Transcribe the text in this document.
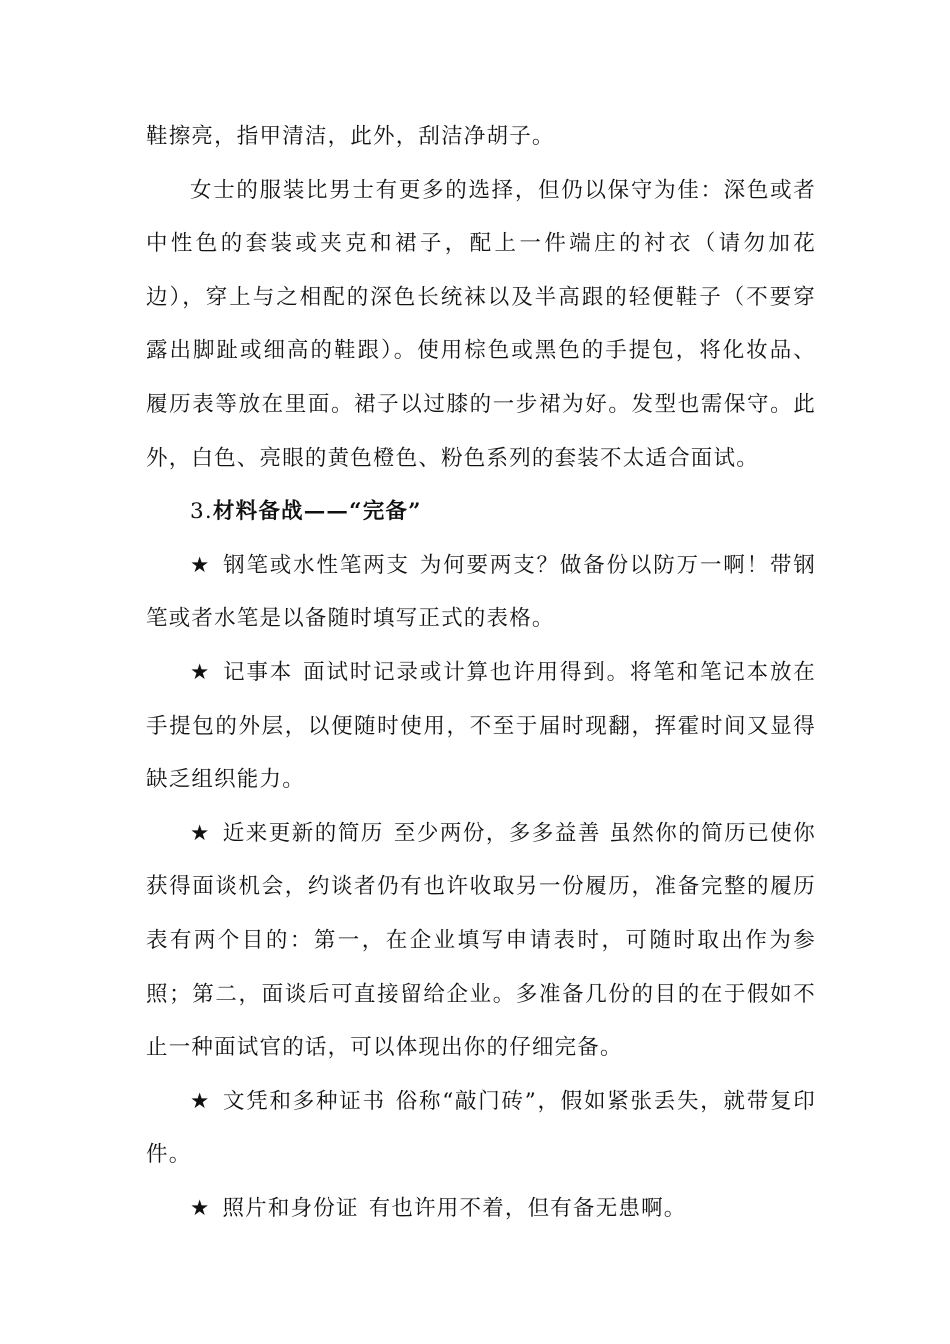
鞋擦亮，指甲清洁，此外，刮洁净胡子。

女士的服装比男士有更多的选择，但仍以保守为佳：深色或者中性色的套装或夹克和裙子，配上一件端庄的衬衣（请勿加花边），穿上与之相配的深色长统袜以及半高跟的轻便鞋子（不要穿露出脚趾或细高的鞋跟）。使用棕色或黑色的手提包，将化妆品、履历表等放在里面。裙子以过膝的一步裙为好。发型也需保守。此外，白色、亮眼的黄色橙色、粉色系列的套装不太适合面试。

3.材料备战——“完备”

★ 钢笔或水性笔两支 为何要两支？做备份以防万一啊！带钢笔或者水笔是以备随时填写正式的表格。

★ 记事本 面试时记录或计算也许用得到。将笔和笔记本放在手提包的外层，以便随时使用，不至于届时现翻，挥霍时间又显得缺乏组织能力。

★ 近来更新的简历 至少两份，多多益善 虽然你的简历已使你获得面谈机会，约谈者仍有也许收取另一份履历，准备完整的履历表有两个目的：第一，在企业填写申请表时，可随时取出作为参照；第二，面谈后可直接留给企业。多准备几份的目的在于假如不止一种面试官的话，可以体现出你的仔细完备。

★ 文凭和多种证书 俗称“敲门砖”，假如紧张丢失，就带复印件。

★ 照片和身份证 有也许用不着，但有备无患啊。
